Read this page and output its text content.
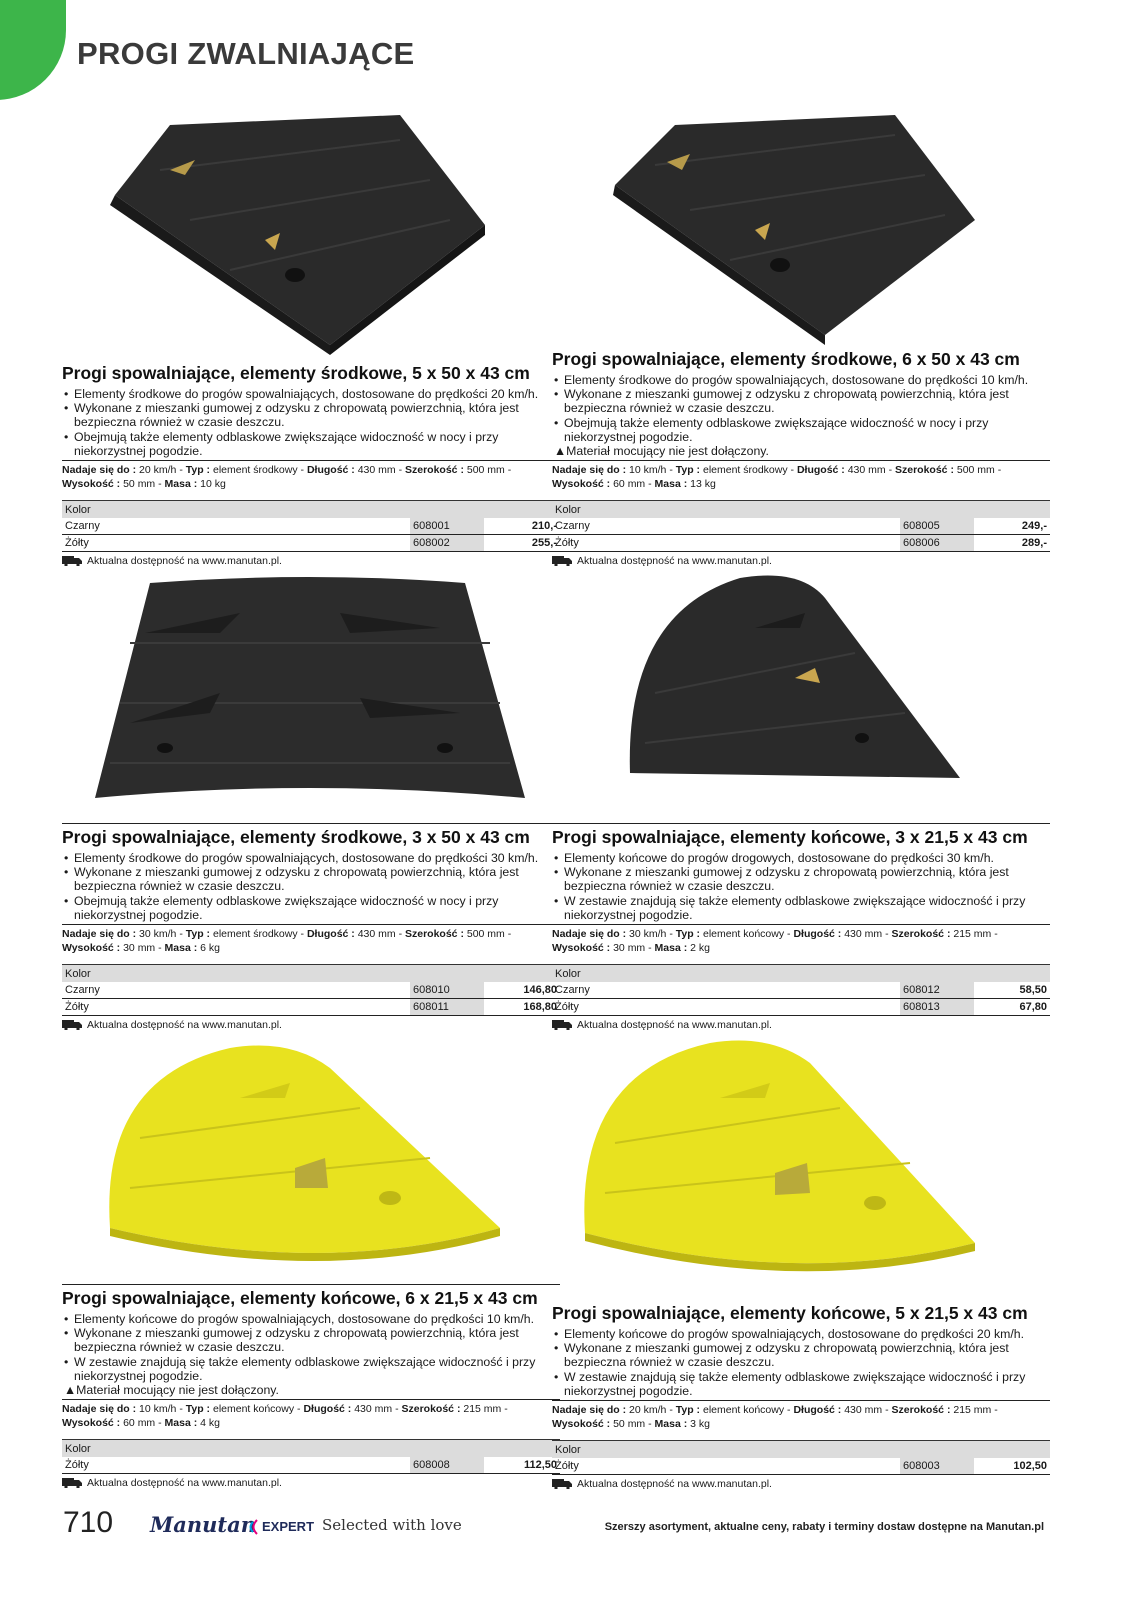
PROGI ZWALNIAJĄCE
Progi spowalniające, elementy środkowe, 5 x 50 x 43 cm
• Elementy środkowe do progów spowalniających, dostosowane do prędkości 20 km/h.
• Wykonane z mieszanki gumowej z odzysku z chropowatą powierzchnią, która jest bezpieczna również w czasie deszczu.
• Obejmują także elementy odblaskowe zwiększające widoczność w nocy i przy niekorzystnej pogodzie.
Nadaje się do : 20 km/h - Typ : element środkowy - Długość : 430 mm - Szerokość : 500 mm -
Wysokość : 50 mm - Masa : 10 kg
Kolor		
Czarny	608001	210,-
Żółty	608002	255,-
Aktualna dostępność na www.manutan.pl.
Progi spowalniające, elementy środkowe, 6 x 50 x 43 cm
• Elementy środkowe do progów spowalniających, dostosowane do prędkości 10 km/h.
• Wykonane z mieszanki gumowej z odzysku z chropowatą powierzchnią, która jest bezpieczna również w czasie deszczu.
• Obejmują także elementy odblaskowe zwiększające widoczność w nocy i przy niekorzystnej pogodzie.
▲Materiał mocujący nie jest dołączony.
Nadaje się do : 10 km/h - Typ : element środkowy - Długość : 430 mm - Szerokość : 500 mm -
Wysokość : 60 mm - Masa : 13 kg
Kolor		
Czarny	608005	249,-
Żółty	608006	289,-
Aktualna dostępność na www.manutan.pl.
Progi spowalniające, elementy środkowe, 3 x 50 x 43 cm
• Elementy środkowe do progów spowalniających, dostosowane do prędkości 30 km/h.
• Wykonane z mieszanki gumowej z odzysku z chropowatą powierzchnią, która jest bezpieczna również w czasie deszczu.
• Obejmują także elementy odblaskowe zwiększające widoczność w nocy i przy niekorzystnej pogodzie.
Nadaje się do : 30 km/h - Typ : element środkowy - Długość : 430 mm - Szerokość : 500 mm -
Wysokość : 30 mm - Masa : 6 kg
Kolor		
Czarny	608010	146,80
Żółty	608011	168,80
Aktualna dostępność na www.manutan.pl.
Progi spowalniające, elementy końcowe, 3 x 21,5 x 43 cm
• Elementy końcowe do progów drogowych, dostosowane do prędkości 30 km/h.
• Wykonane z mieszanki gumowej z odzysku z chropowatą powierzchnią, która jest bezpieczna również w czasie deszczu.
• W zestawie znajdują się także elementy odblaskowe zwiększające widoczność i przy niekorzystnej pogodzie.
Nadaje się do : 30 km/h - Typ : element końcowy - Długość : 430 mm - Szerokość : 215 mm -
Wysokość : 30 mm - Masa : 2 kg
Kolor		
Czarny	608012	58,50
Żółty	608013	67,80
Aktualna dostępność na www.manutan.pl.
Progi spowalniające, elementy końcowe, 6 x 21,5 x 43 cm
• Elementy końcowe do progów spowalniających, dostosowane do prędkości 10 km/h.
• Wykonane z mieszanki gumowej z odzysku z chropowatą powierzchnią, która jest bezpieczna również w czasie deszczu.
• W zestawie znajdują się także elementy odblaskowe zwiększające widoczność i przy niekorzystnej pogodzie.
▲Materiał mocujący nie jest dołączony.
Nadaje się do : 10 km/h - Typ : element końcowy - Długość : 430 mm - Szerokość : 215 mm -
Wysokość : 60 mm - Masa : 4 kg
Kolor
Żółty	608008	112,50
Aktualna dostępność na www.manutan.pl.
Progi spowalniające, elementy końcowe, 5 x 21,5 x 43 cm
• Elementy końcowe do progów spowalniających, dostosowane do prędkości 20 km/h.
• Wykonane z mieszanki gumowej z odzysku z chropowatą powierzchnią, która jest bezpieczna również w czasie deszczu.
• W zestawie znajdują się także elementy odblaskowe zwiększające widoczność i przy niekorzystnej pogodzie.
Nadaje się do : 20 km/h - Typ : element końcowy - Długość : 430 mm - Szerokość : 215 mm -
Wysokość : 50 mm - Masa : 3 kg
Kolor
Żółty	608003	102,50
Aktualna dostępność na www.manutan.pl.
710 Manutan EXPERT Selected with love	Szerszy asortyment, aktualne ceny, rabaty i terminy dostaw dostępne na Manutan.pl
